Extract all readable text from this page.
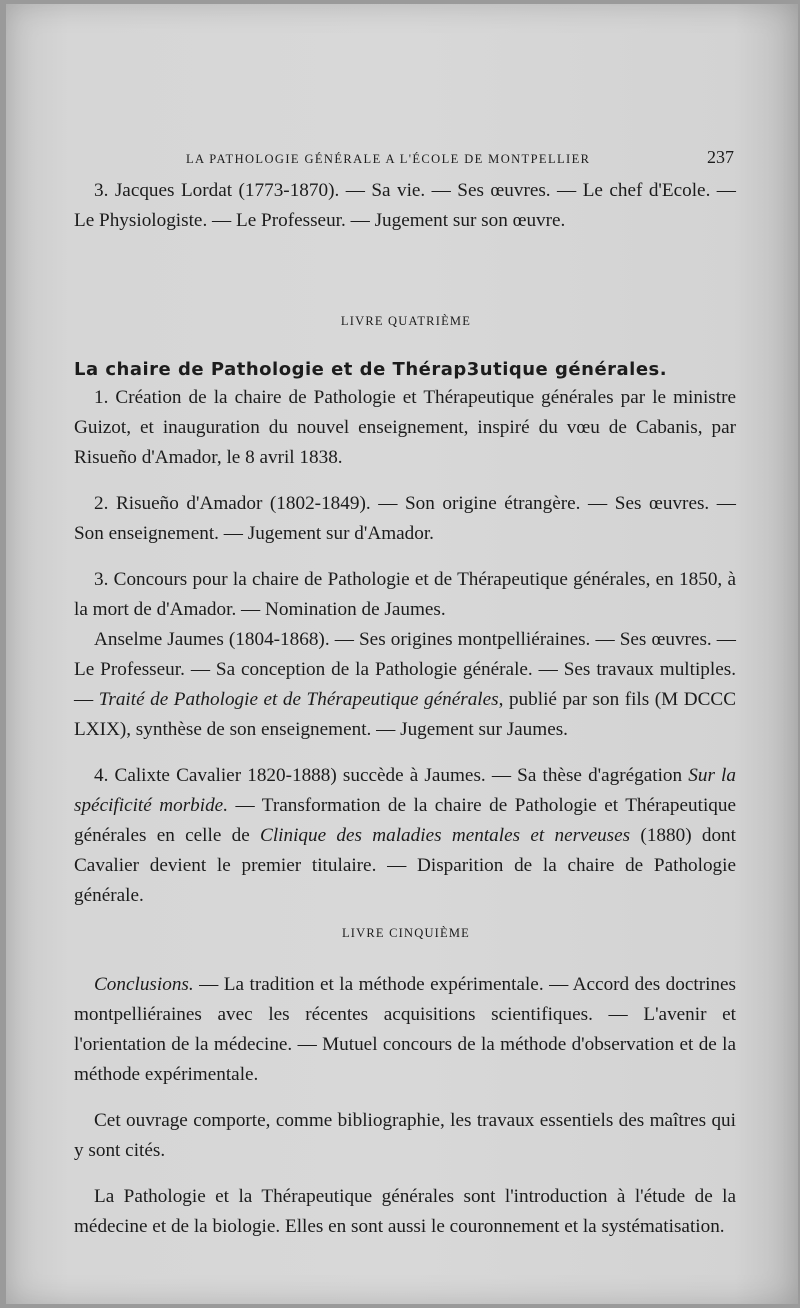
LA PATHOLOGIE GÉNÉRALE A L'ÉCOLE DE MONTPELLIER	237

3. Jacques Lordat (1773-1870). — Sa vie. — Ses œuvres. — Le chef d'Ecole. — Le Physiologiste. — Le Professeur. — Jugement sur son œuvre.

LIVRE QUATRIÈME

La chaire de Pathologie et de Thérap3utique générales.

1. Création de la chaire de Pathologie et Thérapeutique générales par le ministre Guizot, et inauguration du nouvel enseignement, inspiré du vœu de Cabanis, par Risueño d'Amador, le 8 avril 1838.

2. Risueño d'Amador (1802-1849). — Son origine étrangère. — Ses œuvres. — Son enseignement. — Jugement sur d'Amador.

3. Concours pour la chaire de Pathologie et de Thérapeutique générales, en 1850, à la mort de d'Amador. — Nomination de Jaumes.

Anselme Jaumes (1804-1868). — Ses origines montpelliéraines. — Ses œuvres. — Le Professeur. — Sa conception de la Pathologie générale. — Ses travaux multiples. — Traité de Pathologie et de Thérapeutique générales, publié par son fils (M DCCC LXIX), synthèse de son enseignement. — Jugement sur Jaumes.

4. Calixte Cavalier 1820-1888) succède à Jaumes. — Sa thèse d'agrégation Sur la spécificité morbide. — Transformation de la chaire de Pathologie et Thérapeutique générales en celle de Clinique des maladies mentales et nerveuses (1880) dont Cavalier devient le premier titulaire. — Disparition de la chaire de Pathologie générale.

LIVRE CINQUIÈME

Conclusions. — La tradition et la méthode expérimentale. — Accord des doctrines montpelliéraines avec les récentes acquisitions scientifiques. — L'avenir et l'orientation de la médecine. — Mutuel concours de la méthode d'observation et de la méthode expérimentale.

Cet ouvrage comporte, comme bibliographie, les travaux essentiels des maîtres qui y sont cités.

La Pathologie et la Thérapeutique générales sont l'introduction à l'étude de la médecine et de la biologie. Elles en sont aussi le couronnement et la systématisation.
